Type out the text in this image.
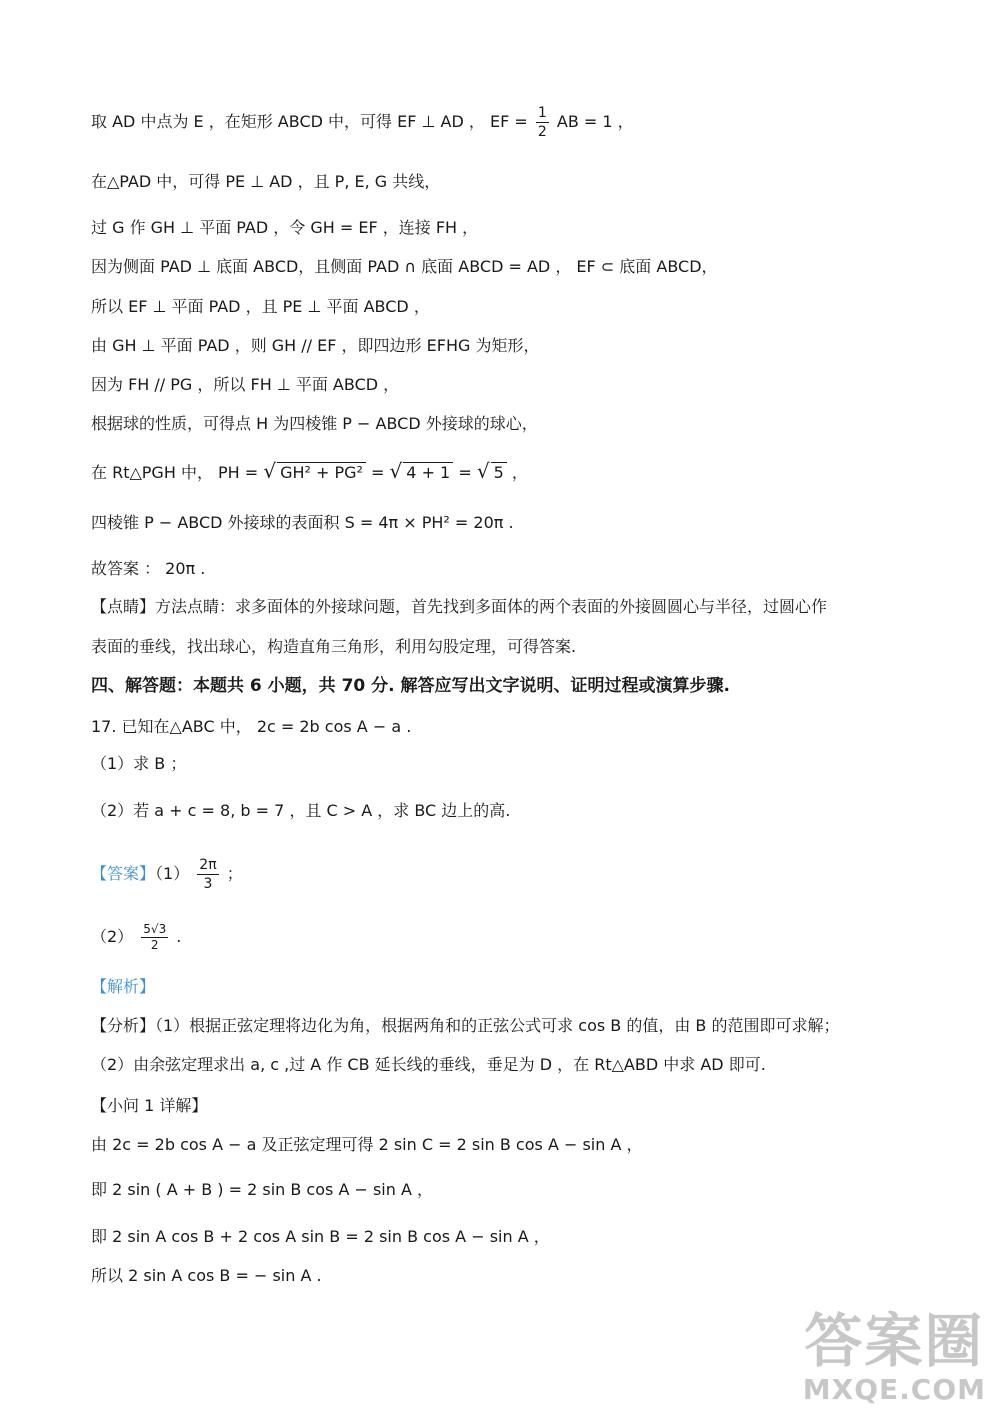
取 AD 中点为 E ，在矩形 ABCD 中，可得 EF ⊥ AD ， EF = $\frac{1}{2}$ AB = 1 ，
在△PAD 中，可得 PE ⊥ AD ，且 P, E, G 共线，
过 G 作 GH ⊥ 平面 PAD ，令 GH = EF ，连接 FH ，
因为侧面 PAD ⊥ 底面 ABCD，且侧面 PAD ∩ 底面 ABCD = AD ， EF ⊂ 底面 ABCD，
所以 EF ⊥ 平面 PAD ，且 PE ⊥ 平面 ABCD ，
由 GH ⊥ 平面 PAD ，则 GH // EF ，即四边形 EFHG 为矩形，
因为 FH // PG ，所以 FH ⊥ 平面 ABCD ，
根据球的性质，可得点 H 为四棱锥 P − ABCD 外接球的球心，
在 Rt△PGH 中， PH = √ GH² + PG² = √ 4 + 1 = √ 5 ，
四棱锥 P − ABCD 外接球的表面积 S = 4π × PH² = 20π .
故答案 ： 20π .
【点睛】方法点睛：求多面体的外接球问题，首先找到多面体的两个表面的外接圆圆心与半径，过圆心作
表面的垂线，找出球心，构造直角三角形，利用勾股定理，可得答案.
四、解答题：本题共 6 小题，共 70 分. 解答应写出文字说明、证明过程或演算步骤.
17. 已知在△ABC 中， 2c = 2b cos A − a .
（1）求 B ；
（2）若 a + c = 8, b = 7 ，且 C > A ，求 BC 边上的高.
【答案】$(1) \frac{2\pi}{3}$ ；
$(2) \frac{5√3}{2}$ .
【解析】
【分析】（1）根据正弦定理将边化为角，根据两角和的正弦公式可求 cos B 的值，由 B 的范围即可求解；
（2）由余弦定理求出 a, c ,过 A 作 CB 延长线的垂线，垂足为 D ，在 Rt△ABD 中求 AD 即可.
【小问 1 详解】
由 2c = 2b cos A − a 及正弦定理可得 2 sin C = 2 sin B cos A − sin A ，
即 2 sin ( A + B ) = 2 sin B cos A − sin A ，
即 2 sin A cos B + 2 cos A sin B = 2 sin B cos A − sin A ，
所以 2 sin A cos B = − sin A .
答案圈
MXQE.COM
